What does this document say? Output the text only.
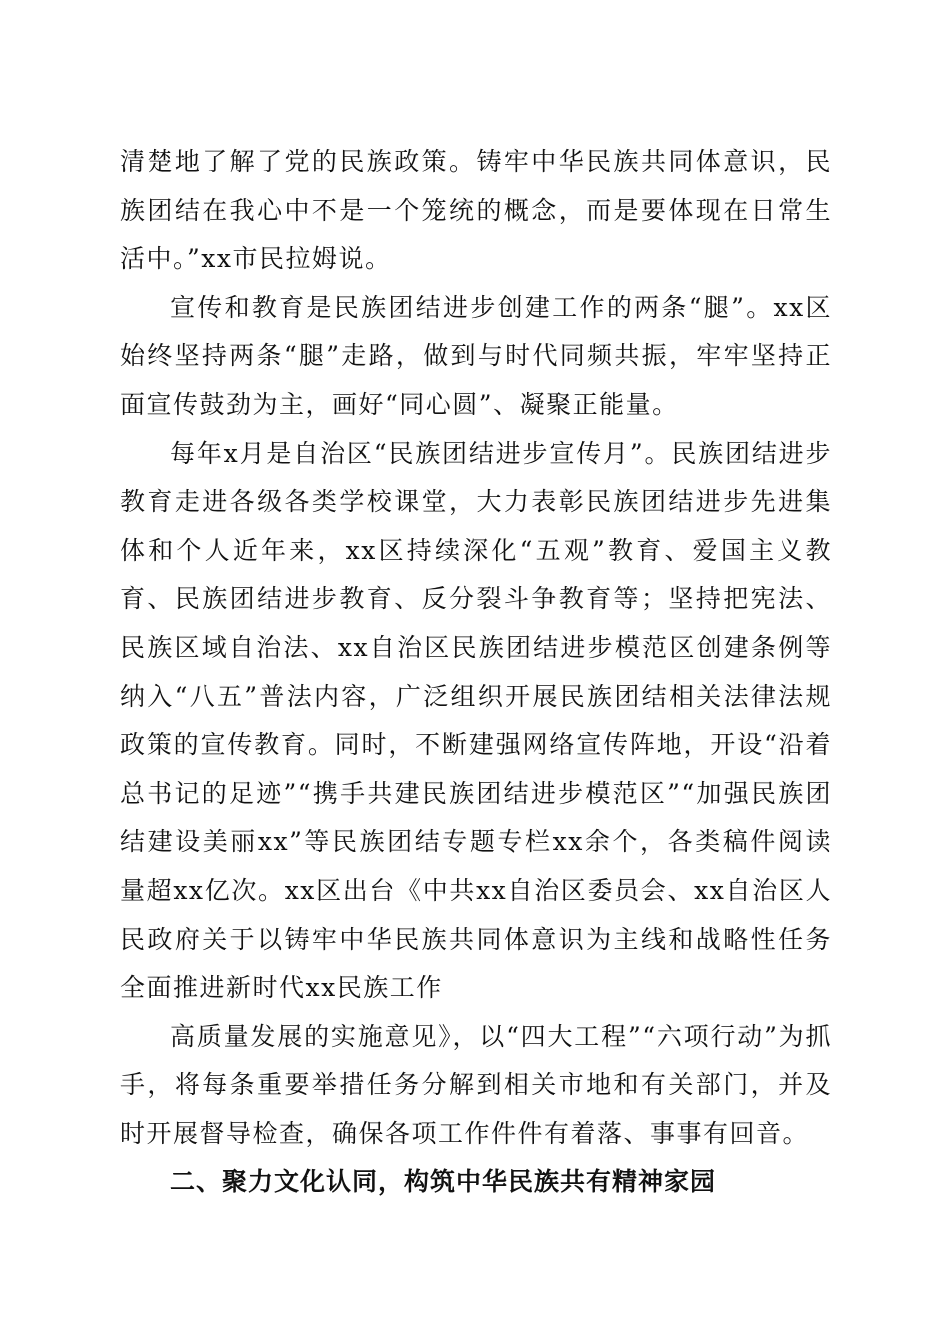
清楚地了解了党的民族政策。铸牢中华民族共同体意识，民族团结在我心中不是一个笼统的概念，而是要体现在日常生活中。”xx市民拉姆说。

宣传和教育是民族团结进步创建工作的两条“腿”。xx区始终坚持两条“腿”走路，做到与时代同频共振，牢牢坚持正面宣传鼓劲为主，画好“同心圆”、凝聚正能量。

每年x月是自治区“民族团结进步宣传月”。民族团结进步教育走进各级各类学校课堂，大力表彰民族团结进步先进集体和个人近年来，xx区持续深化“五观”教育、爱国主义教育、民族团结进步教育、反分裂斗争教育等；坚持把宪法、民族区域自治法、xx自治区民族团结进步模范区创建条例等纳入“八五”普法内容，广泛组织开展民族团结相关法律法规政策的宣传教育。同时，不断建强网络宣传阵地，开设“沿着总书记的足迹”“携手共建民族团结进步模范区”“加强民族团结建设美丽xx”等民族团结专题专栏xx余个，各类稿件阅读量超xx亿次。xx区出台《中共xx自治区委员会、xx自治区人民政府关于以铸牢中华民族共同体意识为主线和战略性任务全面推进新时代xx民族工作

高质量发展的实施意见》，以“四大工程”“六项行动”为抓手，将每条重要举措任务分解到相关市地和有关部门，并及时开展督导检查，确保各项工作件件有着落、事事有回音。

二、聚力文化认同，构筑中华民族共有精神家园
